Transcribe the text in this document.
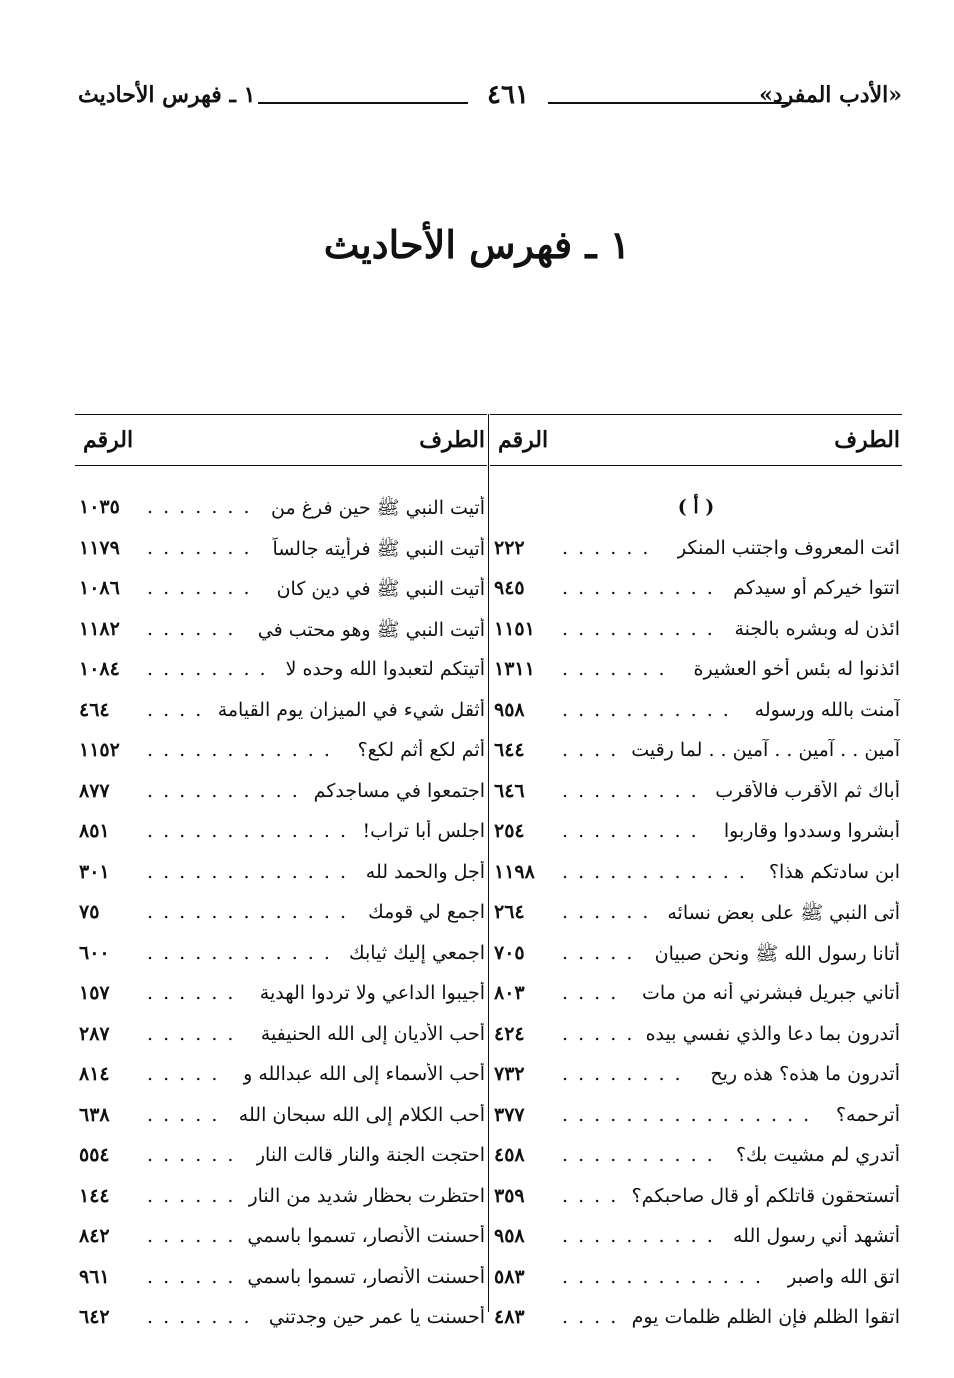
«الأدب المفرد»
٤٦١
١ ـ فهرس الأحاديث
١ ـ فهرس الأحاديث
الطرف
الرقم
( أ )
. . . . . . ائت المعروف واجتنب المنكر
٢٢٢
. . . . . . . . . . اتتوا خيركم أو سيدكم
٩٤٥
. . . . . . . . . . ائذن له وبشره بالجنة
١١٥١
. . . . . . . ائذنوا له بئس أخو العشيرة
١٣١١
. . . . . . . . . . . آمنت بالله ورسوله
٩٥٨
. . . . آمين . . آمين . . آمين . . لما رقيت
٦٤٤
. . . . . . . . . أباك ثم الأقرب فالأقرب
٦٤٦
. . . . . . . . . أبشروا وسددوا وقاربوا
٢٥٤
. . . . . . . . . . . . ابن سادتكم هذا؟
١١٩٨
. . . . . . أتى النبي ﷺ على بعض نسائه
٢٦٤
. . . . . أتانا رسول الله ﷺ ونحن صبيان
٧٠٥
. . . . أتاني جبريل فبشرني أنه من مات
٨٠٣
. . . . . أتدرون بما دعا والذي نفسي بيده
٤٢٤
. . . . . . . . أتدرون ما هذه؟ هذه ريح
٧٣٢
. . . . . . . . . . . . . . . . أترحمه؟
٣٧٧
. . . . . . . . . . أتدري لم مشيت بك؟
٤٥٨
. . . . أتستحقون قاتلكم أو قال صاحبكم؟
٣٥٩
. . . . . . . . . . أتشهد أني رسول الله
٩٥٨
. . . . . . . . . . . . . اتق الله واصبر
٥٨٣
. . . . اتقوا الظلم فإن الظلم ظلمات يوم
٤٨٣
الطرف
الرقم
. . . . . . . أتيت النبي ﷺ حين فرغ من
١٠٣٥
. . . . . . . أتيت النبي ﷺ فرأيته جالساً
١١٧٩
. . . . . . . أتيت النبي ﷺ في دين كان
١٠٨٦
. . . . . . أتيت النبي ﷺ وهو محتب في
١١٨٢
. . . . . . . . أتيتكم لتعبدوا الله وحده لا
١٠٨٤
. . . . أثقل شيء في الميزان يوم القيامة
٤٦٤
. . . . . . . . . . . . أثم لكع أثم لكع؟
١١٥٢
. . . . . . . . . . اجتمعوا في مساجدكم
٨٧٧
. . . . . . . . . . . . . اجلس أبا تراب!
٨٥١
. . . . . . . . . . . . . أجل والحمد لله
٣٠١
. . . . . . . . . . . . . اجمع لي قومك
٧٥
. . . . . . . . . . . . اجمعي إليك ثيابك
٦٠٠
. . . . . . أجيبوا الداعي ولا تردوا الهدية
١٥٧
. . . . . . أحب الأديان إلى الله الحنيفية
٢٨٧
. . . . . أحب الأسماء إلى الله عبدالله و
٨١٤
. . . . . أحب الكلام إلى الله سبحان الله
٦٣٨
. . . . . . احتجت الجنة والنار قالت النار
٥٥٤
. . . . . . احتظرت بحظار شديد من النار
١٤٤
. . . . . . أحسنت الأنصار، تسموا باسمي
٨٤٢
. . . . . . أحسنت الأنصار، تسموا باسمي
٩٦١
. . . . . . . أحسنت يا عمر حين وجدتني
٦٤٢
